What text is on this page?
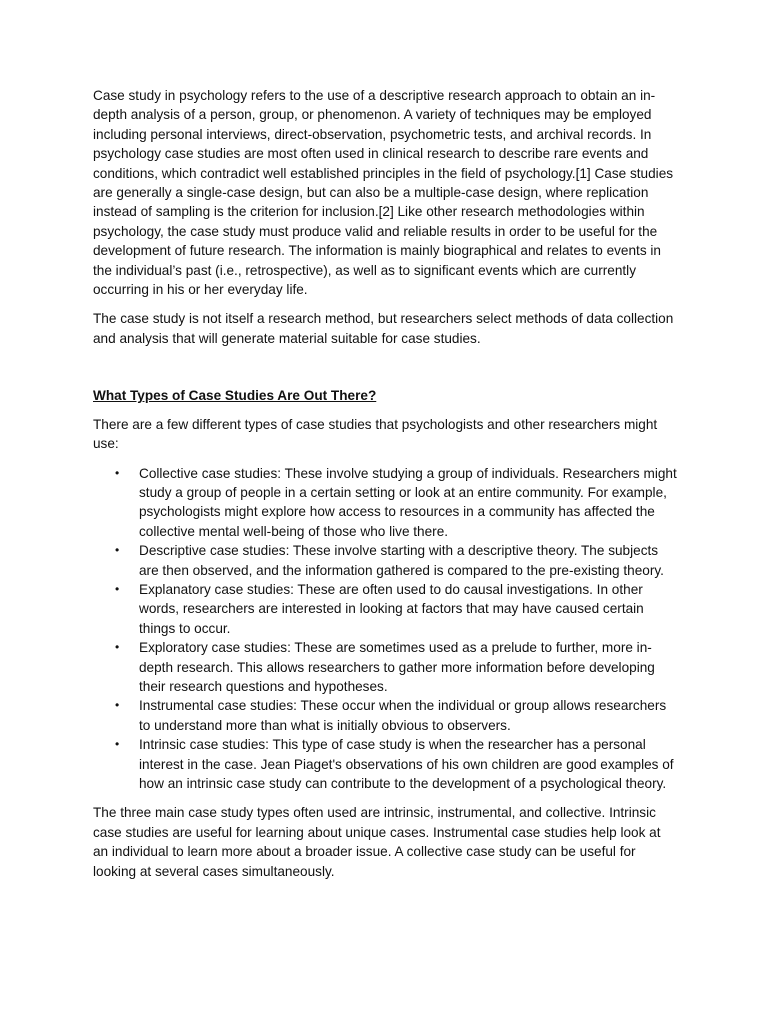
Case study in psychology refers to the use of a descriptive research approach to obtain an in-depth analysis of a person, group, or phenomenon. A variety of techniques may be employed including personal interviews, direct-observation, psychometric tests, and archival records. In psychology case studies are most often used in clinical research to describe rare events and conditions, which contradict well established principles in the field of psychology.[1] Case studies are generally a single-case design, but can also be a multiple-case design, where replication instead of sampling is the criterion for inclusion.[2] Like other research methodologies within psychology, the case study must produce valid and reliable results in order to be useful for the development of future research. The information is mainly biographical and relates to events in the individual’s past (i.e., retrospective), as well as to significant events which are currently occurring in his or her everyday life.

The case study is not itself a research method, but researchers select methods of data collection and analysis that will generate material suitable for case studies.

What Types of Case Studies Are Out There?

There are a few different types of case studies that psychologists and other researchers might use:

• Collective case studies: These involve studying a group of individuals. Researchers might study a group of people in a certain setting or look at an entire community. For example, psychologists might explore how access to resources in a community has affected the collective mental well-being of those who live there.
• Descriptive case studies: These involve starting with a descriptive theory. The subjects are then observed, and the information gathered is compared to the pre-existing theory.
• Explanatory case studies: These are often used to do causal investigations. In other words, researchers are interested in looking at factors that may have caused certain things to occur.
• Exploratory case studies: These are sometimes used as a prelude to further, more in-depth research. This allows researchers to gather more information before developing their research questions and hypotheses.
• Instrumental case studies: These occur when the individual or group allows researchers to understand more than what is initially obvious to observers.
• Intrinsic case studies: This type of case study is when the researcher has a personal interest in the case. Jean Piaget's observations of his own children are good examples of how an intrinsic case study can contribute to the development of a psychological theory.

The three main case study types often used are intrinsic, instrumental, and collective. Intrinsic case studies are useful for learning about unique cases. Instrumental case studies help look at an individual to learn more about a broader issue. A collective case study can be useful for looking at several cases simultaneously.
